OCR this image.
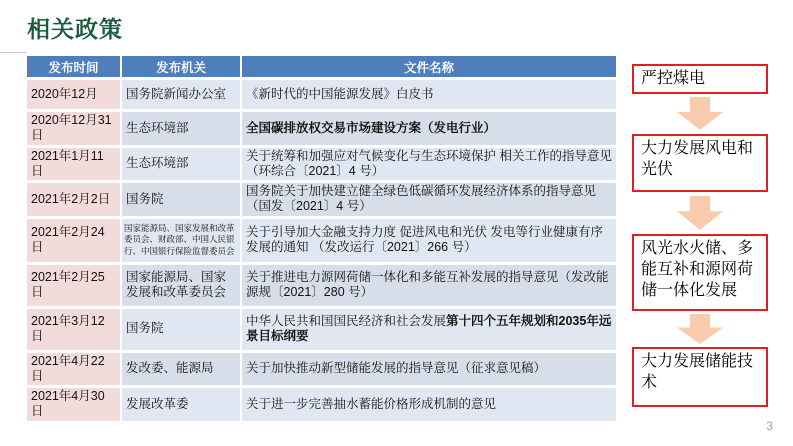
相关政策
发布时间	发布机关	文件名称
2020年12月	国务院新闻办公室	《新时代的中国能源发展》白皮书
2020年12月31日	生态环境部	全国碳排放权交易市场建设方案（发电行业）
2021年1月11日	生态环境部	关于统筹和加强应对气候变化与生态环境保护 相关工作的指导意见 （环综合〔2021〕4 号）
2021年2月2日	国务院	国务院关于加快建立健全绿色低碳循环发展经济体系的指导意见 （国发〔2021〕4 号）
2021年2月24日	国家能源局、国家发展和改革委员会、财政部、中国人民银行、中国银行保险监督委员会	关于引导加大金融支持力度 促进风电和光伏 发电等行业健康有序发展的通知 （发改运行〔2021〕266 号）
2021年2月25日	国家能源局、国家发展和改革委员会	关于推进电力源网荷储一体化和多能互补发展的指导意见（发改能源规〔2021〕280 号）
2021年3月12日	国务院	中华人民共和国国民经济和社会发展第十四个五年规划和2035年远景目标纲要
2021年4月22日	发改委、能源局	关于加快推动新型储能发展的指导意见（征求意见稿）
2021年4月30日	发展改革委	关于进一步完善抽水蓄能价格形成机制的意见
严控煤电
大力发展风电和光伏
风光水火储、多能互补和源网荷储一体化发展
大力发展储能技术
3
